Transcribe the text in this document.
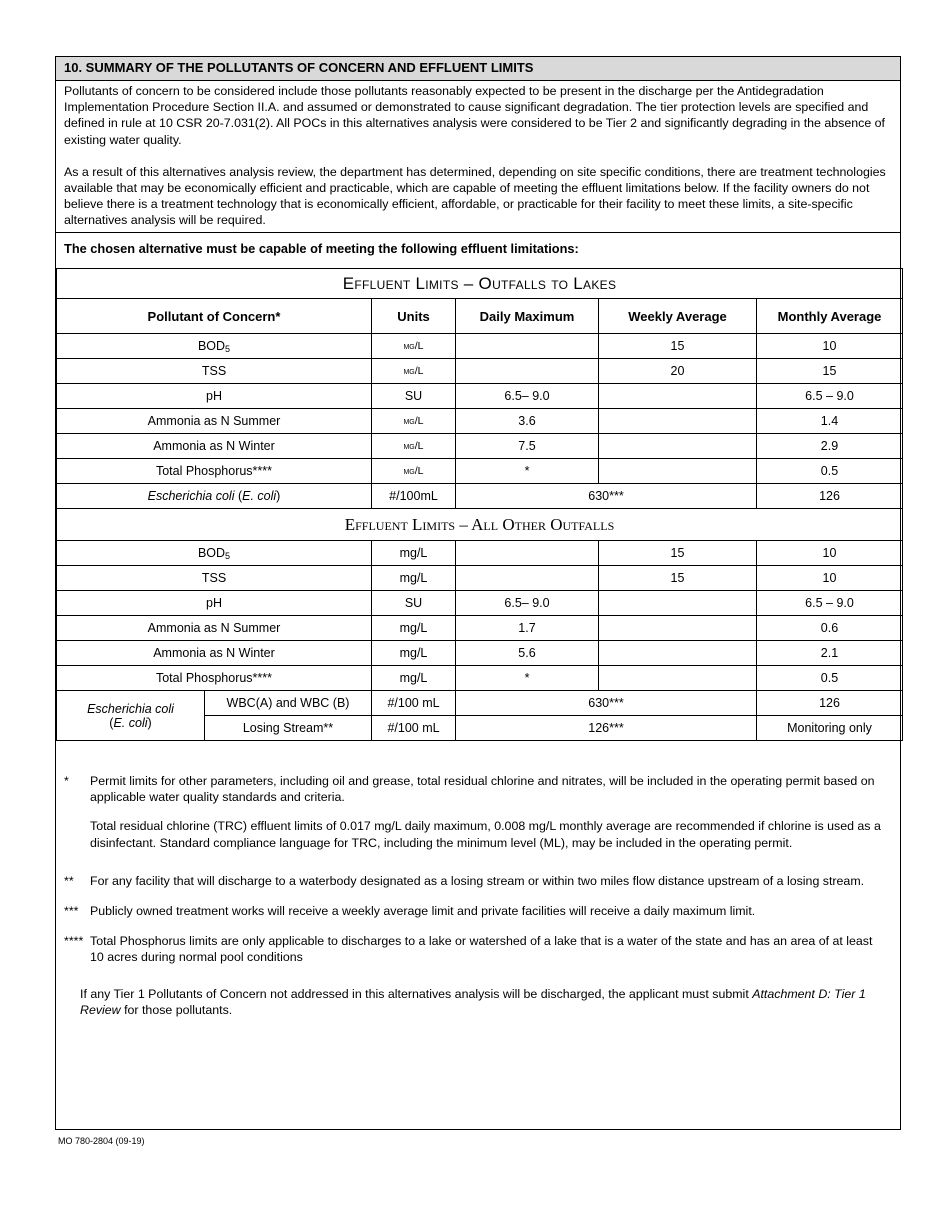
10. SUMMARY OF THE POLLUTANTS OF CONCERN AND EFFLUENT LIMITS

Pollutants of concern to be considered include those pollutants reasonably expected to be present in the discharge per the Antidegradation Implementation Procedure Section II.A. and assumed or demonstrated to cause significant degradation. The tier protection levels are specified and defined in rule at 10 CSR 20-7.031(2). All POCs in this alternatives analysis were considered to be Tier 2 and significantly degrading in the absence of existing water quality.

As a result of this alternatives analysis review, the department has determined, depending on site specific conditions, there are treatment technologies available that may be economically efficient and practicable, which are capable of meeting the effluent limitations below. If the facility owners do not believe there is a treatment technology that is economically efficient, affordable, or practicable for their facility to meet these limits, a site-specific alternatives analysis will be required.

The chosen alternative must be capable of meeting the following effluent limitations:
Effluent Limits – Outfalls to Lakes					
Pollutant of Concern*		Units	Daily Maximum	Weekly Average	Monthly Average
$BOD_5$		mg/L		15	10
TSS		mg/L		20	15
pH		SU	6.5– 9.0		6.5 – 9.0
Ammonia as N Summer		mg/L	3.6		1.4
Ammonia as N Winter		mg/L	7.5		2.9
Total Phosphorus****		mg/L	*		0.5
Escherichia coli (E. coli)		#/100mL	630***		126
Effluent Limits – All Other Outfalls					
$BOD_5$		mg/L		15	10
TSS		mg/L		15	10
pH		SU	6.5– 9.0		6.5 – 9.0
Ammonia as N Summer		mg/L	1.7		0.6
Ammonia as N Winter		mg/L	5.6		2.1
Total Phosphorus****		mg/L	*		0.5
Escherichia coli
(E. coli)	WBC(A) and WBC (B)	#/100 mL	630***		126
	Losing Stream**	#/100 mL	126***		Monitoring only
* Permit limits for other parameters, including oil and grease, total residual chlorine and nitrates, will be included in the operating permit based on applicable water quality standards and criteria.

Total residual chlorine (TRC) effluent limits of 0.017 mg/L daily maximum, 0.008 mg/L monthly average are recommended if chlorine is used as a disinfectant. Standard compliance language for TRC, including the minimum level (ML), may be included in the operating permit.

** For any facility that will discharge to a waterbody designated as a losing stream or within two miles flow distance upstream of a losing stream.
*** Publicly owned treatment works will receive a weekly average limit and private facilities will receive a daily maximum limit.
**** Total Phosphorus limits are only applicable to discharges to a lake or watershed of a lake that is a water of the state and has an area of at least 10 acres during normal pool conditions
If any Tier 1 Pollutants of Concern not addressed in this alternatives analysis will be discharged, the applicant must submit Attachment D: Tier 1 Review for those pollutants.
MO 780-2804 (09-19)
